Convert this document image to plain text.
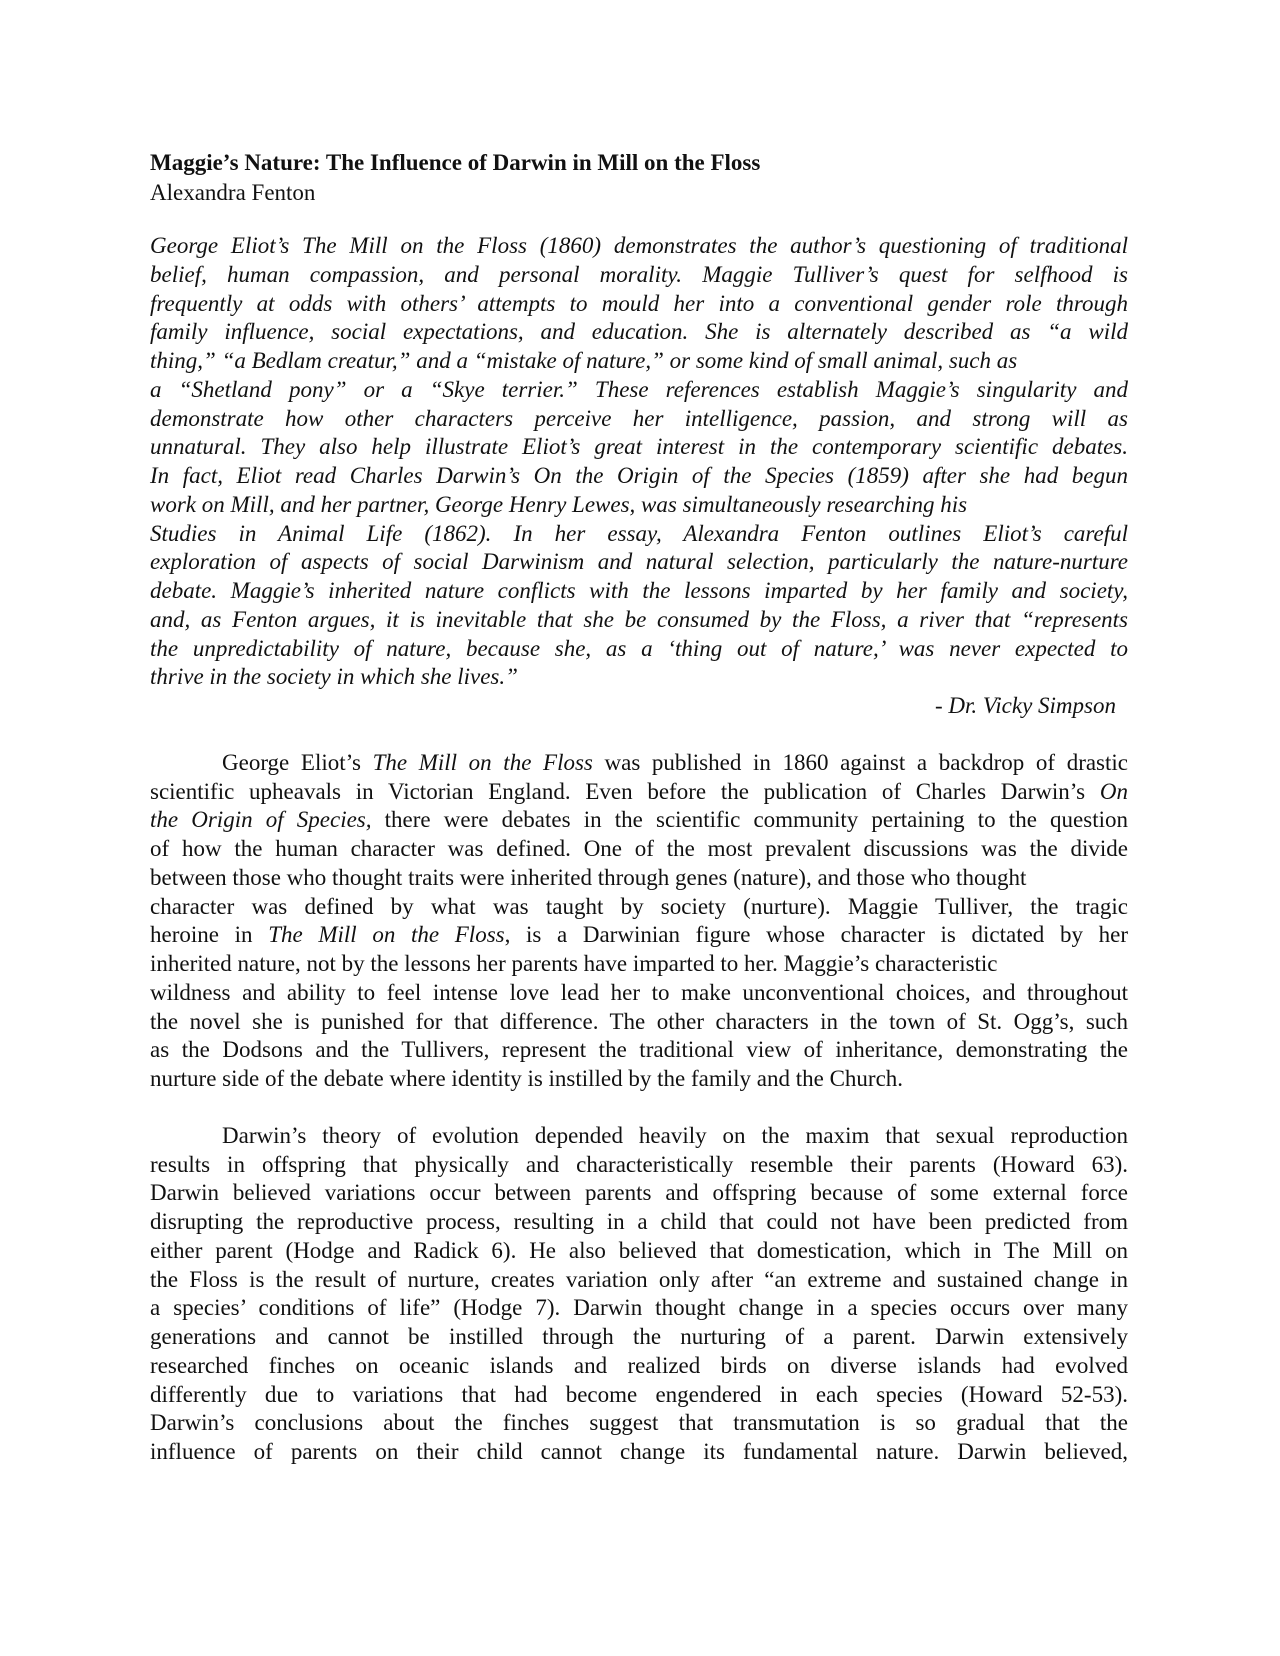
Maggie’s Nature: The Influence of Darwin in Mill on the Floss
Alexandra Fenton
George Eliot’s The Mill on the Floss (1860) demonstrates the author’s questioning of traditional
belief, human compassion, and personal morality. Maggie Tulliver’s quest for selfhood is
frequently at odds with others’ attempts to mould her into a conventional gender role through
family influence, social expectations, and education. She is alternately described as “a wild
thing,” “a Bedlam creatur,” and a “mistake of nature,” or some kind of small animal, such as
a “Shetland pony” or a “Skye terrier.” These references establish Maggie’s singularity and
demonstrate how other characters perceive her intelligence, passion, and strong will as
unnatural. They also help illustrate Eliot’s great interest in the contemporary scientific debates.
In fact, Eliot read Charles Darwin’s On the Origin of the Species (1859) after she had begun
work on Mill, and her partner, George Henry Lewes, was simultaneously researching his
Studies in Animal Life (1862). In her essay, Alexandra Fenton outlines Eliot’s careful
exploration of aspects of social Darwinism and natural selection, particularly the nature-nurture
debate. Maggie’s inherited nature conflicts with the lessons imparted by her family and society,
and, as Fenton argues, it is inevitable that she be consumed by the Floss, a river that “represents
the unpredictability of nature, because she, as a ‘thing out of nature,’ was never expected to
thrive in the society in which she lives.”
- Dr. Vicky Simpson
George Eliot’s The Mill on the Floss was published in 1860 against a backdrop of drastic
scientific upheavals in Victorian England. Even before the publication of Charles Darwin’s On
the Origin of Species, there were debates in the scientific community pertaining to the question
of how the human character was defined. One of the most prevalent discussions was the divide
between those who thought traits were inherited through genes (nature), and those who thought
character was defined by what was taught by society (nurture). Maggie Tulliver, the tragic
heroine in The Mill on the Floss, is a Darwinian figure whose character is dictated by her
inherited nature, not by the lessons her parents have imparted to her. Maggie’s characteristic
wildness and ability to feel intense love lead her to make unconventional choices, and throughout
the novel she is punished for that difference. The other characters in the town of St. Ogg’s, such
as the Dodsons and the Tullivers, represent the traditional view of inheritance, demonstrating the
nurture side of the debate where identity is instilled by the family and the Church.
Darwin’s theory of evolution depended heavily on the maxim that sexual reproduction
results in offspring that physically and characteristically resemble their parents (Howard 63).
Darwin believed variations occur between parents and offspring because of some external force
disrupting the reproductive process, resulting in a child that could not have been predicted from
either parent (Hodge and Radick 6). He also believed that domestication, which in The Mill on
the Floss is the result of nurture, creates variation only after “an extreme and sustained change in
a species’ conditions of life” (Hodge 7). Darwin thought change in a species occurs over many
generations and cannot be instilled through the nurturing of a parent. Darwin extensively
researched finches on oceanic islands and realized birds on diverse islands had evolved
differently due to variations that had become engendered in each species (Howard 52-53).
Darwin’s conclusions about the finches suggest that transmutation is so gradual that the
influence of parents on their child cannot change its fundamental nature. Darwin believed,
